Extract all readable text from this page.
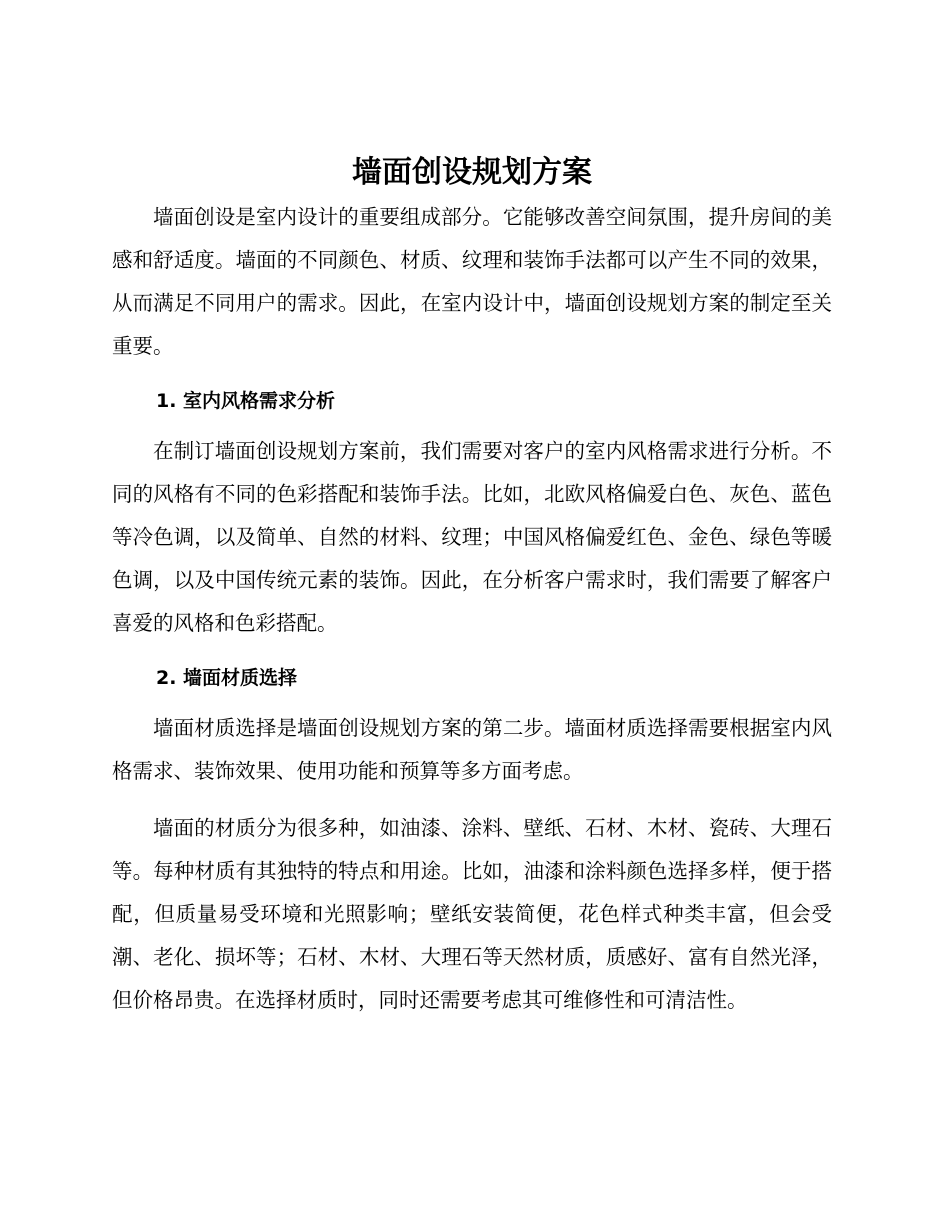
墙面创设规划方案

墙面创设是室内设计的重要组成部分。它能够改善空间氛围，提升房间的美感和舒适度。墙面的不同颜色、材质、纹理和装饰手法都可以产生不同的效果，从而满足不同用户的需求。因此，在室内设计中，墙面创设规划方案的制定至关重要。

1. 室内风格需求分析

在制订墙面创设规划方案前，我们需要对客户的室内风格需求进行分析。不同的风格有不同的色彩搭配和装饰手法。比如，北欧风格偏爱白色、灰色、蓝色等冷色调，以及简单、自然的材料、纹理；中国风格偏爱红色、金色、绿色等暖色调，以及中国传统元素的装饰。因此，在分析客户需求时，我们需要了解客户喜爱的风格和色彩搭配。

2. 墙面材质选择

墙面材质选择是墙面创设规划方案的第二步。墙面材质选择需要根据室内风格需求、装饰效果、使用功能和预算等多方面考虑。

墙面的材质分为很多种，如油漆、涂料、壁纸、石材、木材、瓷砖、大理石等。每种材质有其独特的特点和用途。比如，油漆和涂料颜色选择多样，便于搭配，但质量易受环境和光照影响；壁纸安装简便，花色样式种类丰富，但会受潮、老化、损坏等；石材、木材、大理石等天然材质，质感好、富有自然光泽，但价格昂贵。在选择材质时，同时还需要考虑其可维修性和可清洁性。
